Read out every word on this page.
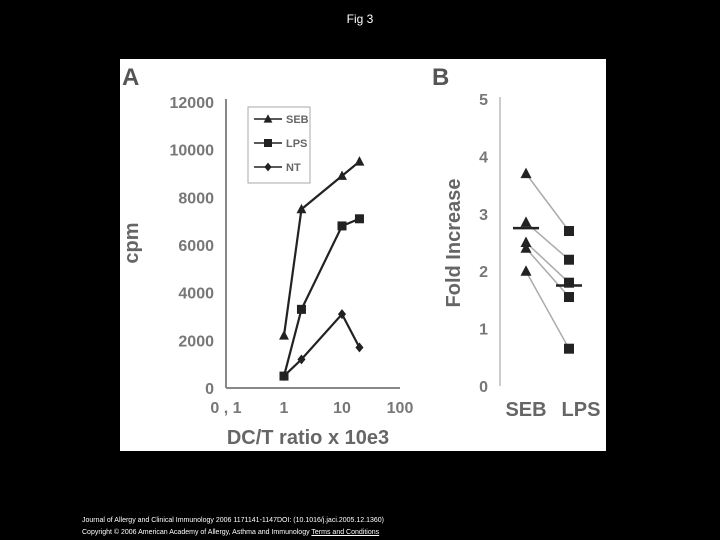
Fig 3
A
cpm
DC/T ratio x 10e3
0
2000
4000
6000
8000
10000
12000
0 , 1 1	10 100
SEB
LPS
NT
B
Fold Increase
0
1
2
3
4
5
SEB LPS
Journal of Allergy and Clinical Immunology 2006 1171141-1147DOI: (10.1016/j.jaci.2005.12.1360)
Copyright © 2006 American Academy of Allergy, Asthma and Immunology Terms and Conditions
